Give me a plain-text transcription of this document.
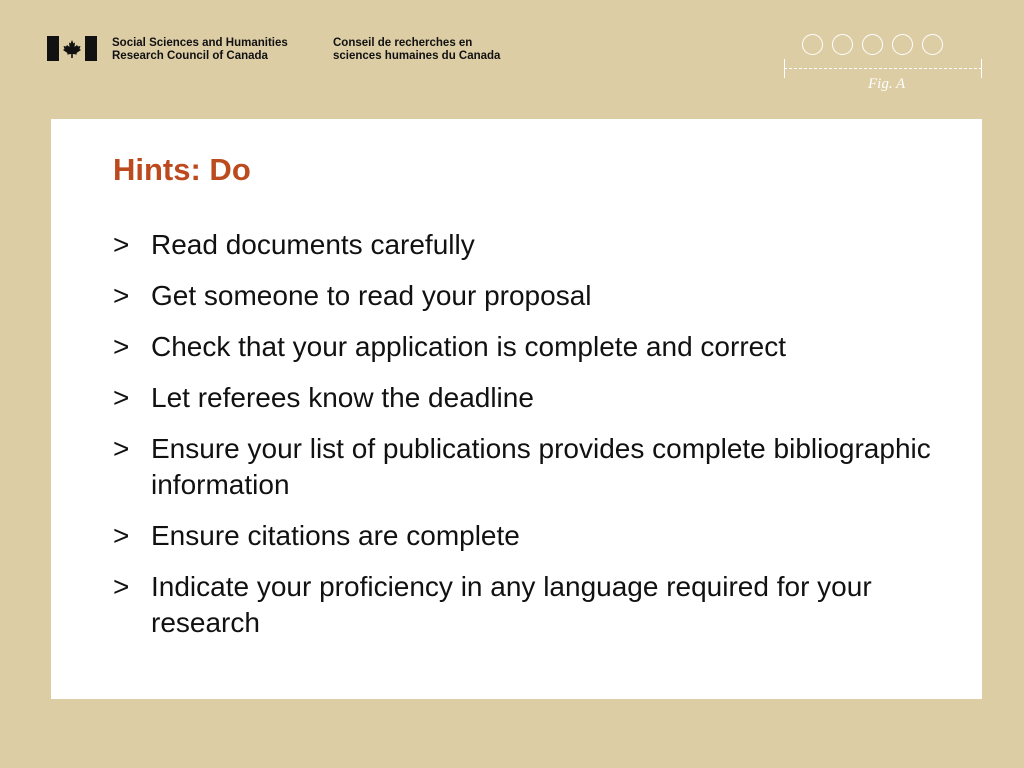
Social Sciences and Humanities
Research Council of Canada
Conseil de recherches en
sciences humaines du Canada
Fig. A
Hints: Do
> Read documents carefully
> Get someone to read your proposal
> Check that your application is complete and correct
> Let referees know the deadline
> Ensure your list of publications provides complete bibliographic information
> Ensure citations are complete
> Indicate your proficiency in any language required for your research
